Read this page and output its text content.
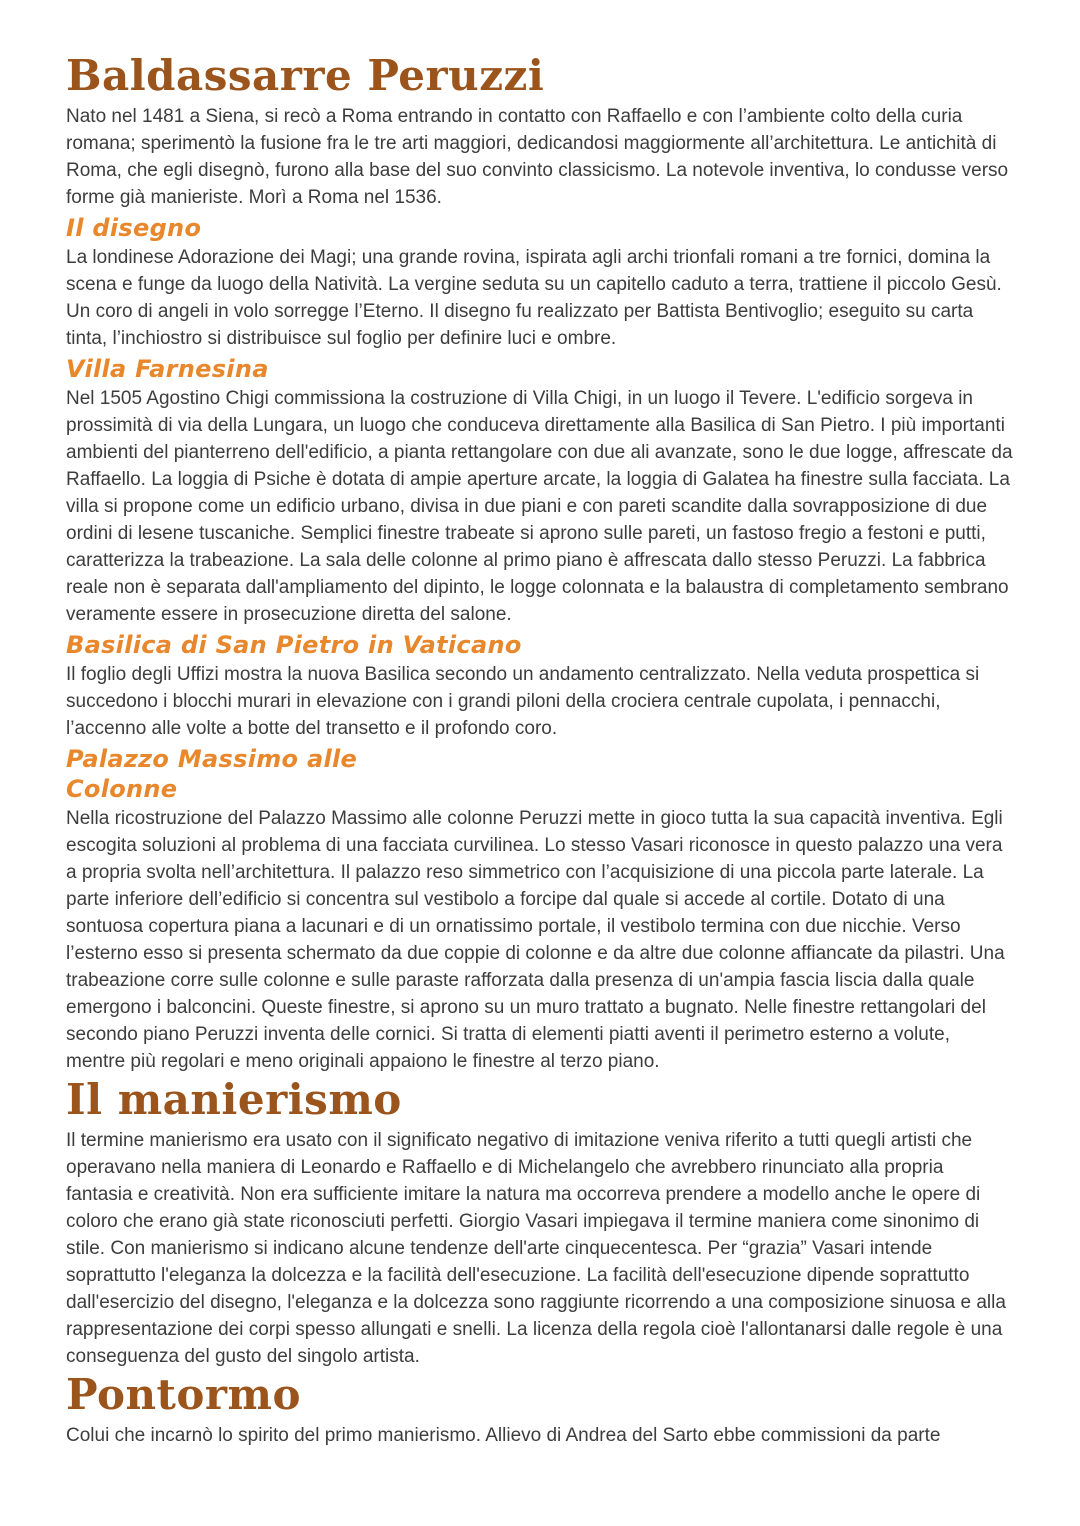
Baldassarre Peruzzi

Nato nel 1481 a Siena, si recò a Roma entrando in contatto con Raffaello e con l’ambiente colto della curia romana; sperimentò la fusione fra le tre arti maggiori, dedicandosi maggiormente all’architettura. Le antichità di Roma, che egli disegnò, furono alla base del suo convinto classicismo. La notevole inventiva, lo condusse verso forme già manieriste. Morì a Roma nel 1536.

Il disegno

La londinese Adorazione dei Magi; una grande rovina, ispirata agli archi trionfali romani a tre fornici, domina la scena e funge da luogo della Natività. La vergine seduta su un capitello caduto a terra, trattiene il piccolo Gesù. Un coro di angeli in volo sorregge l’Eterno. Il disegno fu realizzato per Battista Bentivoglio; eseguito su carta tinta, l’inchiostro si distribuisce sul foglio per definire luci e ombre.

Villa Farnesina

Nel 1505 Agostino Chigi commissiona la costruzione di Villa Chigi, in un luogo il Tevere. L'edificio sorgeva in prossimità di via della Lungara, un luogo che conduceva direttamente alla Basilica di San Pietro. I più importanti ambienti del pianterreno dell'edificio, a pianta rettangolare con due ali avanzate, sono le due logge, affrescate da Raffaello. La loggia di Psiche è dotata di ampie aperture arcate, la loggia di Galatea ha finestre sulla facciata. La villa si propone come un edificio urbano, divisa in due piani e con pareti scandite dalla sovrapposizione di due ordini di lesene tuscaniche. Semplici finestre trabeate si aprono sulle pareti, un fastoso fregio a festoni e putti, caratterizza la trabeazione. La sala delle colonne al primo piano è affrescata dallo stesso Peruzzi. La fabbrica reale non è separata dall'ampliamento del dipinto, le logge colonnata e la balaustra di completamento sembrano veramente essere in prosecuzione diretta del salone.

Basilica di San Pietro in Vaticano

Il foglio degli Uffizi mostra la nuova Basilica secondo un andamento centralizzato. Nella veduta prospettica si succedono i blocchi murari in elevazione con i grandi piloni della crociera centrale cupolata, i pennacchi, l’accenno alle volte a botte del transetto e il profondo coro.

Palazzo Massimo alle
Colonne

Nella ricostruzione del Palazzo Massimo alle colonne Peruzzi mette in gioco tutta la sua capacità inventiva. Egli escogita soluzioni al problema di una facciata curvilinea. Lo stesso Vasari riconosce in questo palazzo una vera a propria svolta nell’architettura. Il palazzo reso simmetrico con l’acquisizione di una piccola parte laterale. La parte inferiore dell’edificio si concentra sul vestibolo a forcipe dal quale si accede al cortile. Dotato di una sontuosa copertura piana a lacunari e di un ornatissimo portale, il vestibolo termina con due nicchie. Verso l’esterno esso si presenta schermato da due coppie di colonne e da altre due colonne affiancate da pilastri. Una trabeazione corre sulle colonne e sulle paraste rafforzata dalla presenza di un'ampia fascia liscia dalla quale emergono i balconcini. Queste finestre, si aprono su un muro trattato a bugnato. Nelle finestre rettangolari del secondo piano Peruzzi inventa delle cornici. Si tratta di elementi piatti aventi il perimetro esterno a volute, mentre più regolari e meno originali appaiono le finestre al terzo piano.

Il manierismo

Il termine manierismo era usato con il significato negativo di imitazione veniva riferito a tutti quegli artisti che operavano nella maniera di Leonardo e Raffaello e di Michelangelo che avrebbero rinunciato alla propria fantasia e creatività. Non era sufficiente imitare la natura ma occorreva prendere a modello anche le opere di coloro che erano già state riconosciuti perfetti. Giorgio Vasari impiegava il termine maniera come sinonimo di stile. Con manierismo si indicano alcune tendenze dell'arte cinquecentesca. Per “grazia” Vasari intende soprattutto l'eleganza la dolcezza e la facilità dell'esecuzione. La facilità dell'esecuzione dipende soprattutto dall'esercizio del disegno, l'eleganza e la dolcezza sono raggiunte ricorrendo a una composizione sinuosa e alla rappresentazione dei corpi spesso allungati e snelli. La licenza della regola cioè l'allontanarsi dalle regole è una conseguenza del gusto del singolo artista.

Pontormo

Colui che incarnò lo spirito del primo manierismo. Allievo di Andrea del Sarto ebbe commissioni da parte
